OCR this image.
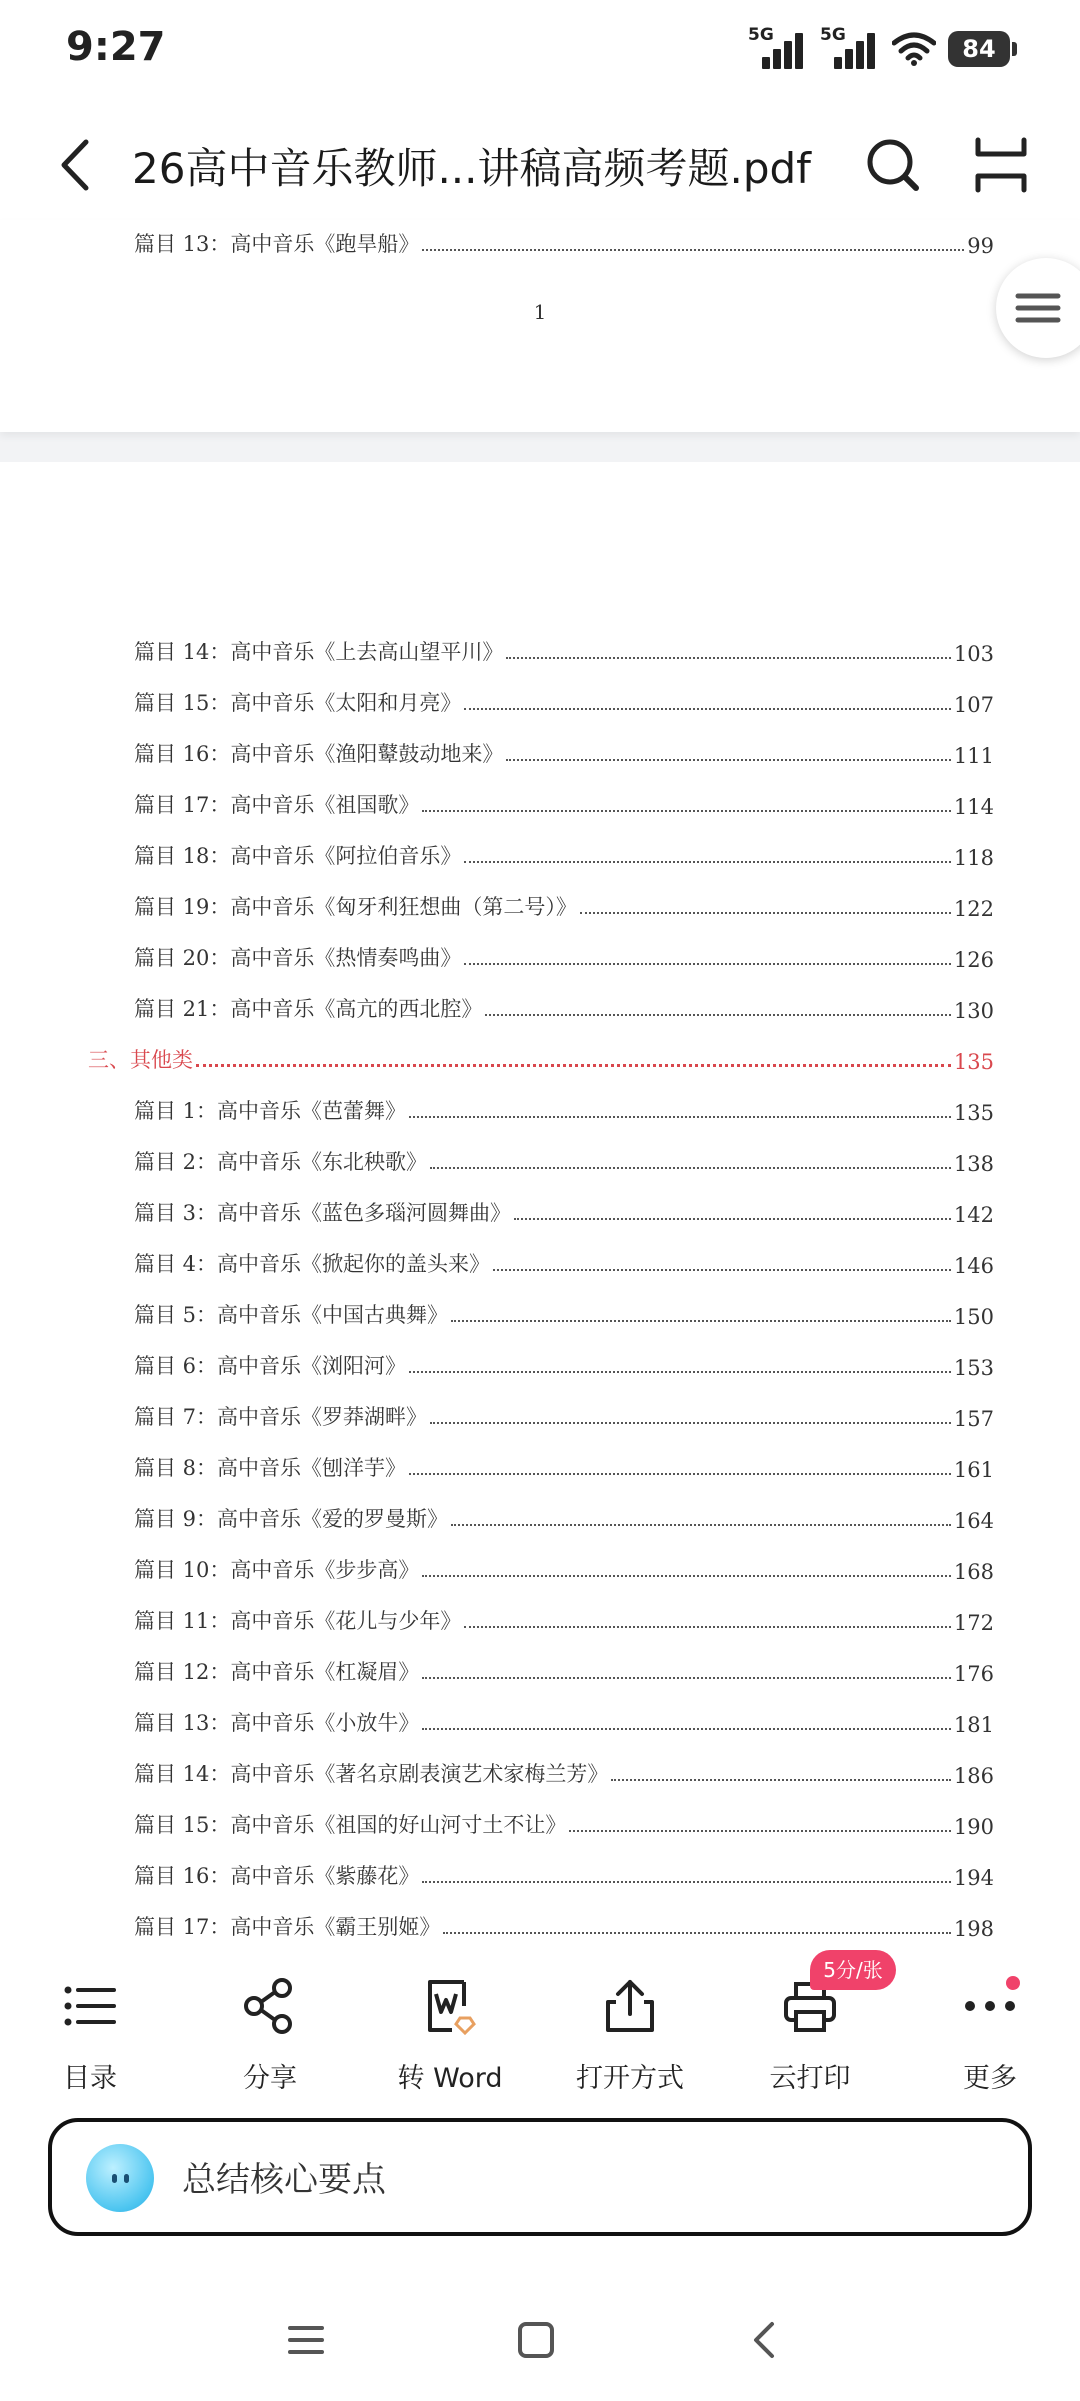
9:27	5G	5G	84
26高中音乐教师...讲稿高频考题.pdf
篇目 13：高中音乐《跑旱船》	99
1
篇目 14：高中音乐《上去高山望平川》	103
篇目 15：高中音乐《太阳和月亮》	107
篇目 16：高中音乐《渔阳鼙鼓动地来》	111
篇目 17：高中音乐《祖国歌》	114
篇目 18：高中音乐《阿拉伯音乐》	118
篇目 19：高中音乐《匈牙利狂想曲（第二号）》	122
篇目 20：高中音乐《热情奏鸣曲》	126
篇目 21：高中音乐《高亢的西北腔》	130
三、其他类	135
篇目 1：高中音乐《芭蕾舞》	135
篇目 2：高中音乐《东北秧歌》	138
篇目 3：高中音乐《蓝色多瑙河圆舞曲》	142
篇目 4：高中音乐《掀起你的盖头来》	146
篇目 5：高中音乐《中国古典舞》	150
篇目 6：高中音乐《浏阳河》	153
篇目 7：高中音乐《罗莽湖畔》	157
篇目 8：高中音乐《刨洋芋》	161
篇目 9：高中音乐《爱的罗曼斯》	164
篇目 10：高中音乐《步步高》	168
篇目 11：高中音乐《花儿与少年》	172
篇目 12：高中音乐《杠凝眉》	176
篇目 13：高中音乐《小放牛》	181
篇目 14：高中音乐《著名京剧表演艺术家梅兰芳》	186
篇目 15：高中音乐《祖国的好山河寸土不让》	190
篇目 16：高中音乐《紫藤花》	194
篇目 17：高中音乐《霸王别姬》	198
目录	分享	转 Word	打开方式	云打印	更多
5分/张
总结核心要点
